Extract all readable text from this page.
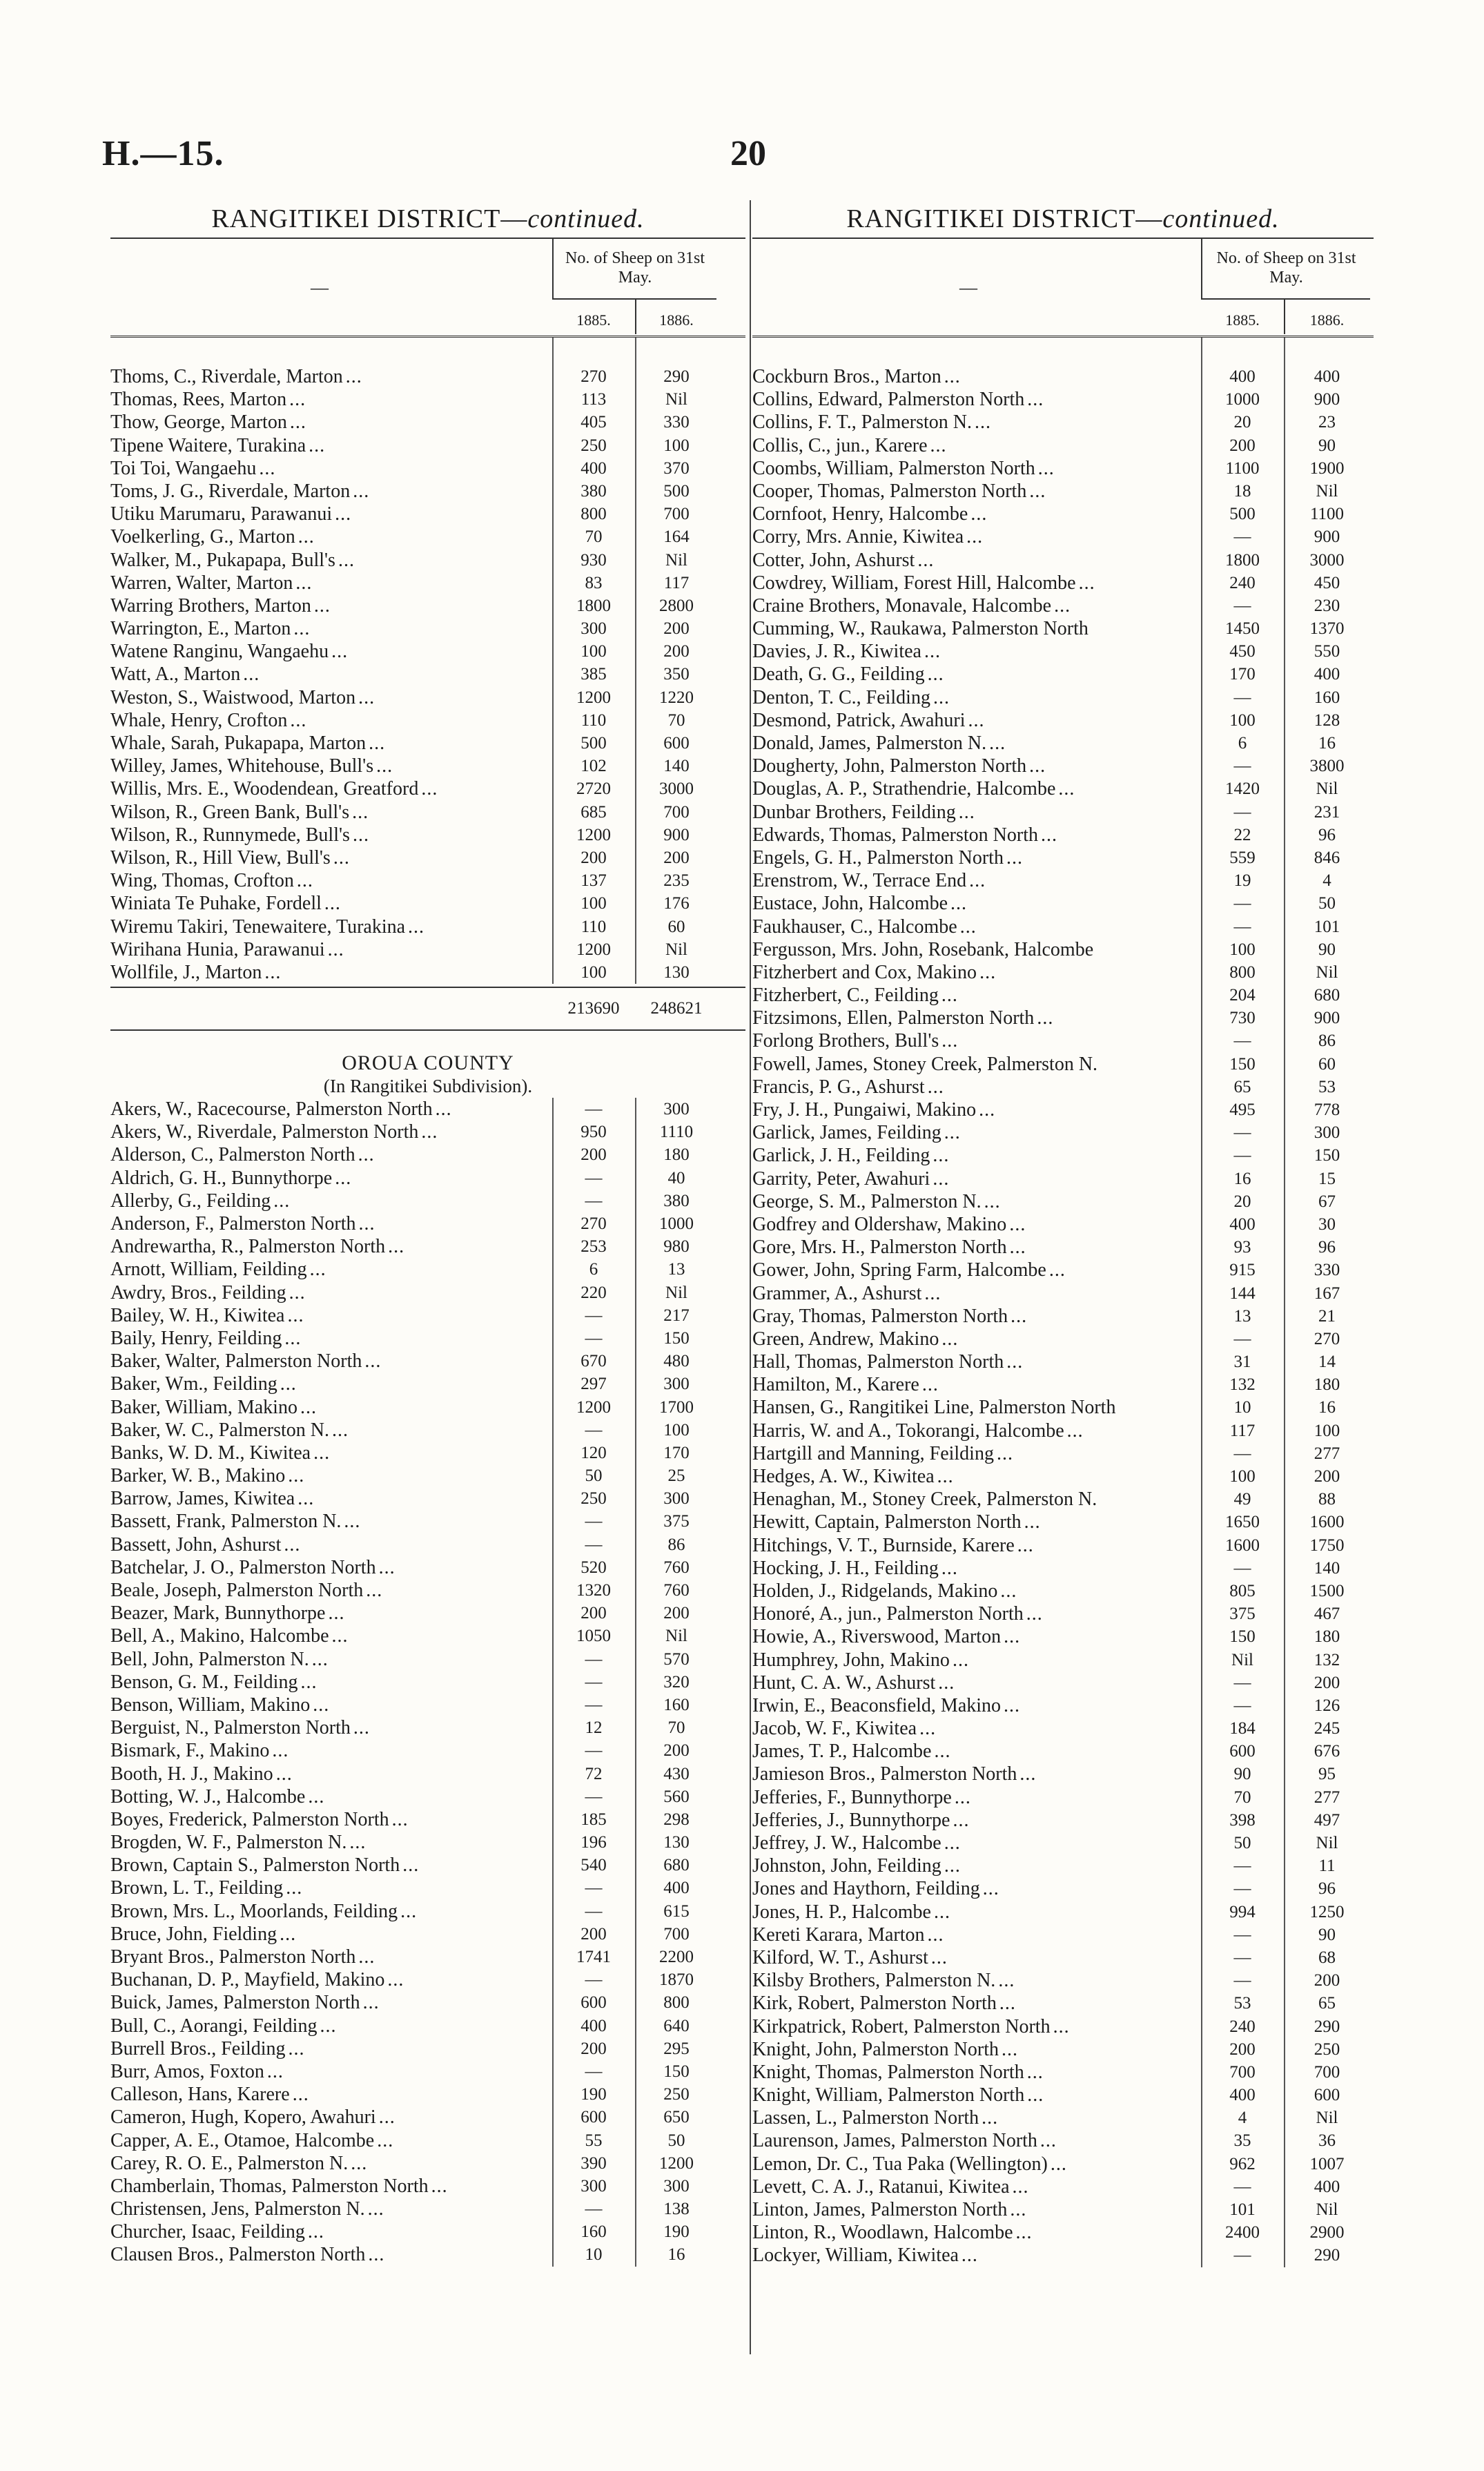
H.—15.	20
RANGITIKEI DISTRICT—continued.
—
No. of Sheep on 31st May.
1885.	1886.
Thoms, C., Riverdale, Marton ...	270	290
Thomas, Rees, Marton ...	113	Nil
Thow, George, Marton ...	405	330
Tipene Waitere, Turakina ...	250	100
Toi Toi, Wangaehu ...	400	370
Toms, J. G., Riverdale, Marton ...	380	500
Utiku Marumaru, Parawanui ...	800	700
Voelkerling, G., Marton ...	70	164
Walker, M., Pukapapa, Bull's ...	930	Nil
Warren, Walter, Marton ...	83	117
Warring Brothers, Marton ...	1800	2800
Warrington, E., Marton ...	300	200
Watene Ranginu, Wangaehu ...	100	200
Watt, A., Marton ...	385	350
Weston, S., Waistwood, Marton ...	1200	1220
Whale, Henry, Crofton ...	110	70
Whale, Sarah, Pukapapa, Marton ...	500	600
Willey, James, Whitehouse, Bull's ...	102	140
Willis, Mrs. E., Woodendean, Greatford ...	2720	3000
Wilson, R., Green Bank, Bull's ...	685	700
Wilson, R., Runnymede, Bull's ...	1200	900
Wilson, R., Hill View, Bull's ...	200	200
Wing, Thomas, Crofton ...	137	235
Winiata Te Puhake, Fordell ...	100	176
Wiremu Takiri, Tenewaitere, Turakina ...	110	60
Wirihana Hunia, Parawanui ...	1200	Nil
Wollfile, J., Marton ...	100	130
213690	248621
OROUA COUNTY
(In Rangitikei Subdivision).
Akers, W., Racecourse, Palmerston North ...	—	300
Akers, W., Riverdale, Palmerston North ...	950	1110
Alderson, C., Palmerston North ...	200	180
Aldrich, G. H., Bunnythorpe ...	—	40
Allerby, G., Feilding ...	—	380
Anderson, F., Palmerston North ...	270	1000
Andrewartha, R., Palmerston North ...	253	980
Arnott, William, Feilding ...	6	13
Awdry, Bros., Feilding ...	220	Nil
Bailey, W. H., Kiwitea ...	—	217
Baily, Henry, Feilding ...	—	150
Baker, Walter, Palmerston North ...	670	480
Baker, Wm., Feilding ...	297	300
Baker, William, Makino ...	1200	1700
Baker, W. C., Palmerston N. ...	—	100
Banks, W. D. M., Kiwitea ...	120	170
Barker, W. B., Makino ...	50	25
Barrow, James, Kiwitea ...	250	300
Bassett, Frank, Palmerston N. ...	—	375
Bassett, John, Ashurst ...	—	86
Batchelar, J. O., Palmerston North ...	520	760
Beale, Joseph, Palmerston North ...	1320	760
Beazer, Mark, Bunnythorpe ...	200	200
Bell, A., Makino, Halcombe ...	1050	Nil
Bell, John, Palmerston N. ...	—	570
Benson, G. M., Feilding ...	—	320
Benson, William, Makino ...	—	160
Berguist, N., Palmerston North ...	12	70
Bismark, F., Makino ...	—	200
Booth, H. J., Makino ...	72	430
Botting, W. J., Halcombe ...	—	560
Boyes, Frederick, Palmerston North ...	185	298
Brogden, W. F., Palmerston N. ...	196	130
Brown, Captain S., Palmerston North ...	540	680
Brown, L. T., Feilding ...	—	400
Brown, Mrs. L., Moorlands, Feilding ...	—	615
Bruce, John, Fielding ...	200	700
Bryant Bros., Palmerston North ...	1741	2200
Buchanan, D. P., Mayfield, Makino ...	—	1870
Buick, James, Palmerston North ...	600	800
Bull, C., Aorangi, Feilding ...	400	640
Burrell Bros., Feilding ...	200	295
Burr, Amos, Foxton ...	—	150
Calleson, Hans, Karere ...	190	250
Cameron, Hugh, Kopero, Awahuri ...	600	650
Capper, A. E., Otamoe, Halcombe ...	55	50
Carey, R. O. E., Palmerston N. ...	390	1200
Chamberlain, Thomas, Palmerston North ...	300	300
Christensen, Jens, Palmerston N. ...	—	138
Churcher, Isaac, Feilding ...	160	190
Clausen Bros., Palmerston North ...	10	16
RANGITIKEI DISTRICT—continued.
—
No. of Sheep on 31st May.
1885.	1886.
Cockburn Bros., Marton ...	400	400
Collins, Edward, Palmerston North ...	1000	900
Collins, F. T., Palmerston N. ...	20	23
Collis, C., jun., Karere ...	200	90
Coombs, William, Palmerston North ...	1100	1900
Cooper, Thomas, Palmerston North ...	18	Nil
Cornfoot, Henry, Halcombe ...	500	1100
Corry, Mrs. Annie, Kiwitea ...	—	900
Cotter, John, Ashurst ...	1800	3000
Cowdrey, William, Forest Hill, Halcombe ...	240	450
Craine Brothers, Monavale, Halcombe ...	—	230
Cumming, W., Raukawa, Palmerston North	1450	1370
Davies, J. R., Kiwitea ...	450	550
Death, G. G., Feilding ...	170	400
Denton, T. C., Feilding ...	—	160
Desmond, Patrick, Awahuri ...	100	128
Donald, James, Palmerston N. ...	6	16
Dougherty, John, Palmerston North ...	—	3800
Douglas, A. P., Strathendrie, Halcombe ...	1420	Nil
Dunbar Brothers, Feilding ...	—	231
Edwards, Thomas, Palmerston North ...	22	96
Engels, G. H., Palmerston North ...	559	846
Erenstrom, W., Terrace End ...	19	4
Eustace, John, Halcombe ...	—	50
Faukhauser, C., Halcombe ...	—	101
Fergusson, Mrs. John, Rosebank, Halcombe	100	90
Fitzherbert and Cox, Makino ...	800	Nil
Fitzherbert, C., Feilding ...	204	680
Fitzsimons, Ellen, Palmerston North ...	730	900
Forlong Brothers, Bull's ...	—	86
Fowell, James, Stoney Creek, Palmerston N.	150	60
Francis, P. G., Ashurst ...	65	53
Fry, J. H., Pungaiwi, Makino ...	495	778
Garlick, James, Feilding ...	—	300
Garlick, J. H., Feilding ...	—	150
Garrity, Peter, Awahuri ...	16	15
George, S. M., Palmerston N. ...	20	67
Godfrey and Oldershaw, Makino ...	400	30
Gore, Mrs. H., Palmerston North ...	93	96
Gower, John, Spring Farm, Halcombe ...	915	330
Grammer, A., Ashurst ...	144	167
Gray, Thomas, Palmerston North ...	13	21
Green, Andrew, Makino ...	—	270
Hall, Thomas, Palmerston North ...	31	14
Hamilton, M., Karere ...	132	180
Hansen, G., Rangitikei Line, Palmerston North	10	16
Harris, W. and A., Tokorangi, Halcombe ...	117	100
Hartgill and Manning, Feilding ...	—	277
Hedges, A. W., Kiwitea ...	100	200
Henaghan, M., Stoney Creek, Palmerston N.	49	88
Hewitt, Captain, Palmerston North ...	1650	1600
Hitchings, V. T., Burnside, Karere ...	1600	1750
Hocking, J. H., Feilding ...	—	140
Holden, J., Ridgelands, Makino ...	805	1500
Honoré, A., jun., Palmerston North ...	375	467
Howie, A., Riverswood, Marton ...	150	180
Humphrey, John, Makino ...	Nil	132
Hunt, C. A. W., Ashurst ...	—	200
Irwin, E., Beaconsfield, Makino ...	—	126
Jacob, W. F., Kiwitea ...	184	245
James, T. P., Halcombe ...	600	676
Jamieson Bros., Palmerston North ...	90	95
Jefferies, F., Bunnythorpe ...	70	277
Jefferies, J., Bunnythorpe ...	398	497
Jeffrey, J. W., Halcombe ...	50	Nil
Johnston, John, Feilding ...	—	11
Jones and Haythorn, Feilding ...	—	96
Jones, H. P., Halcombe ...	994	1250
Kereti Karara, Marton ...	—	90
Kilford, W. T., Ashurst ...	—	68
Kilsby Brothers, Palmerston N. ...	—	200
Kirk, Robert, Palmerston North ...	53	65
Kirkpatrick, Robert, Palmerston North ...	240	290
Knight, John, Palmerston North ...	200	250
Knight, Thomas, Palmerston North ...	700	700
Knight, William, Palmerston North ...	400	600
Lassen, L., Palmerston North ...	4	Nil
Laurenson, James, Palmerston North ...	35	36
Lemon, Dr. C., Tua Paka (Wellington) ...	962	1007
Levett, C. A. J., Ratanui, Kiwitea ...	—	400
Linton, James, Palmerston North ...	101	Nil
Linton, R., Woodlawn, Halcombe ...	2400	2900
Lockyer, William, Kiwitea ...	—	290
